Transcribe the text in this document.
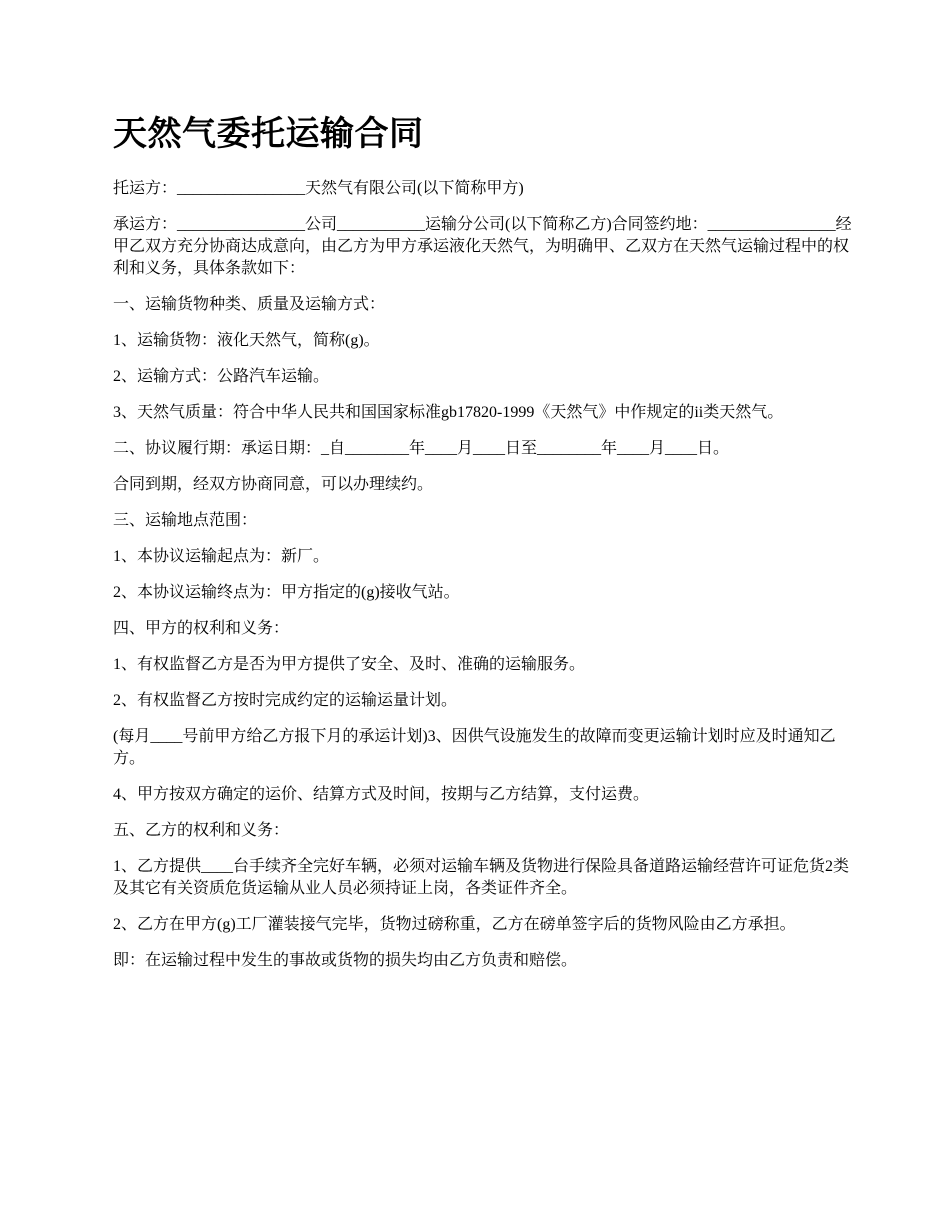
天然气委托运输合同

托运方：________________天然气有限公司(以下简称甲方)

承运方：________________公司___________运输分公司(以下简称乙方)合同签约地：________________经甲乙双方充分协商达成意向，由乙方为甲方承运液化天然气，为明确甲、乙双方在天然气运输过程中的权利和义务，具体条款如下：

一、运输货物种类、质量及运输方式：

1、运输货物：液化天然气，简称(g)。

2、运输方式：公路汽车运输。

3、天然气质量：符合中华人民共和国国家标准gb17820-1999《天然气》中作规定的ii类天然气。

二、协议履行期：承运日期：_自________年____月____日至________年____月____日。

合同到期，经双方协商同意，可以办理续约。

三、运输地点范围：

1、本协议运输起点为：新厂。

2、本协议运输终点为：甲方指定的(g)接收气站。

四、甲方的权利和义务：

1、有权监督乙方是否为甲方提供了安全、及时、准确的运输服务。

2、有权监督乙方按时完成约定的运输运量计划。

(每月____号前甲方给乙方报下月的承运计划)3、因供气设施发生的故障而变更运输计划时应及时通知乙方。

4、甲方按双方确定的运价、结算方式及时间，按期与乙方结算，支付运费。

五、乙方的权利和义务：

1、乙方提供____台手续齐全完好车辆，必须对运输车辆及货物进行保险具备道路运输经营许可证危货2类及其它有关资质危货运输从业人员必须持证上岗，各类证件齐全。

2、乙方在甲方(g)工厂灌装接气完毕，货物过磅称重，乙方在磅单签字后的货物风险由乙方承担。

即：在运输过程中发生的事故或货物的损失均由乙方负责和赔偿。
